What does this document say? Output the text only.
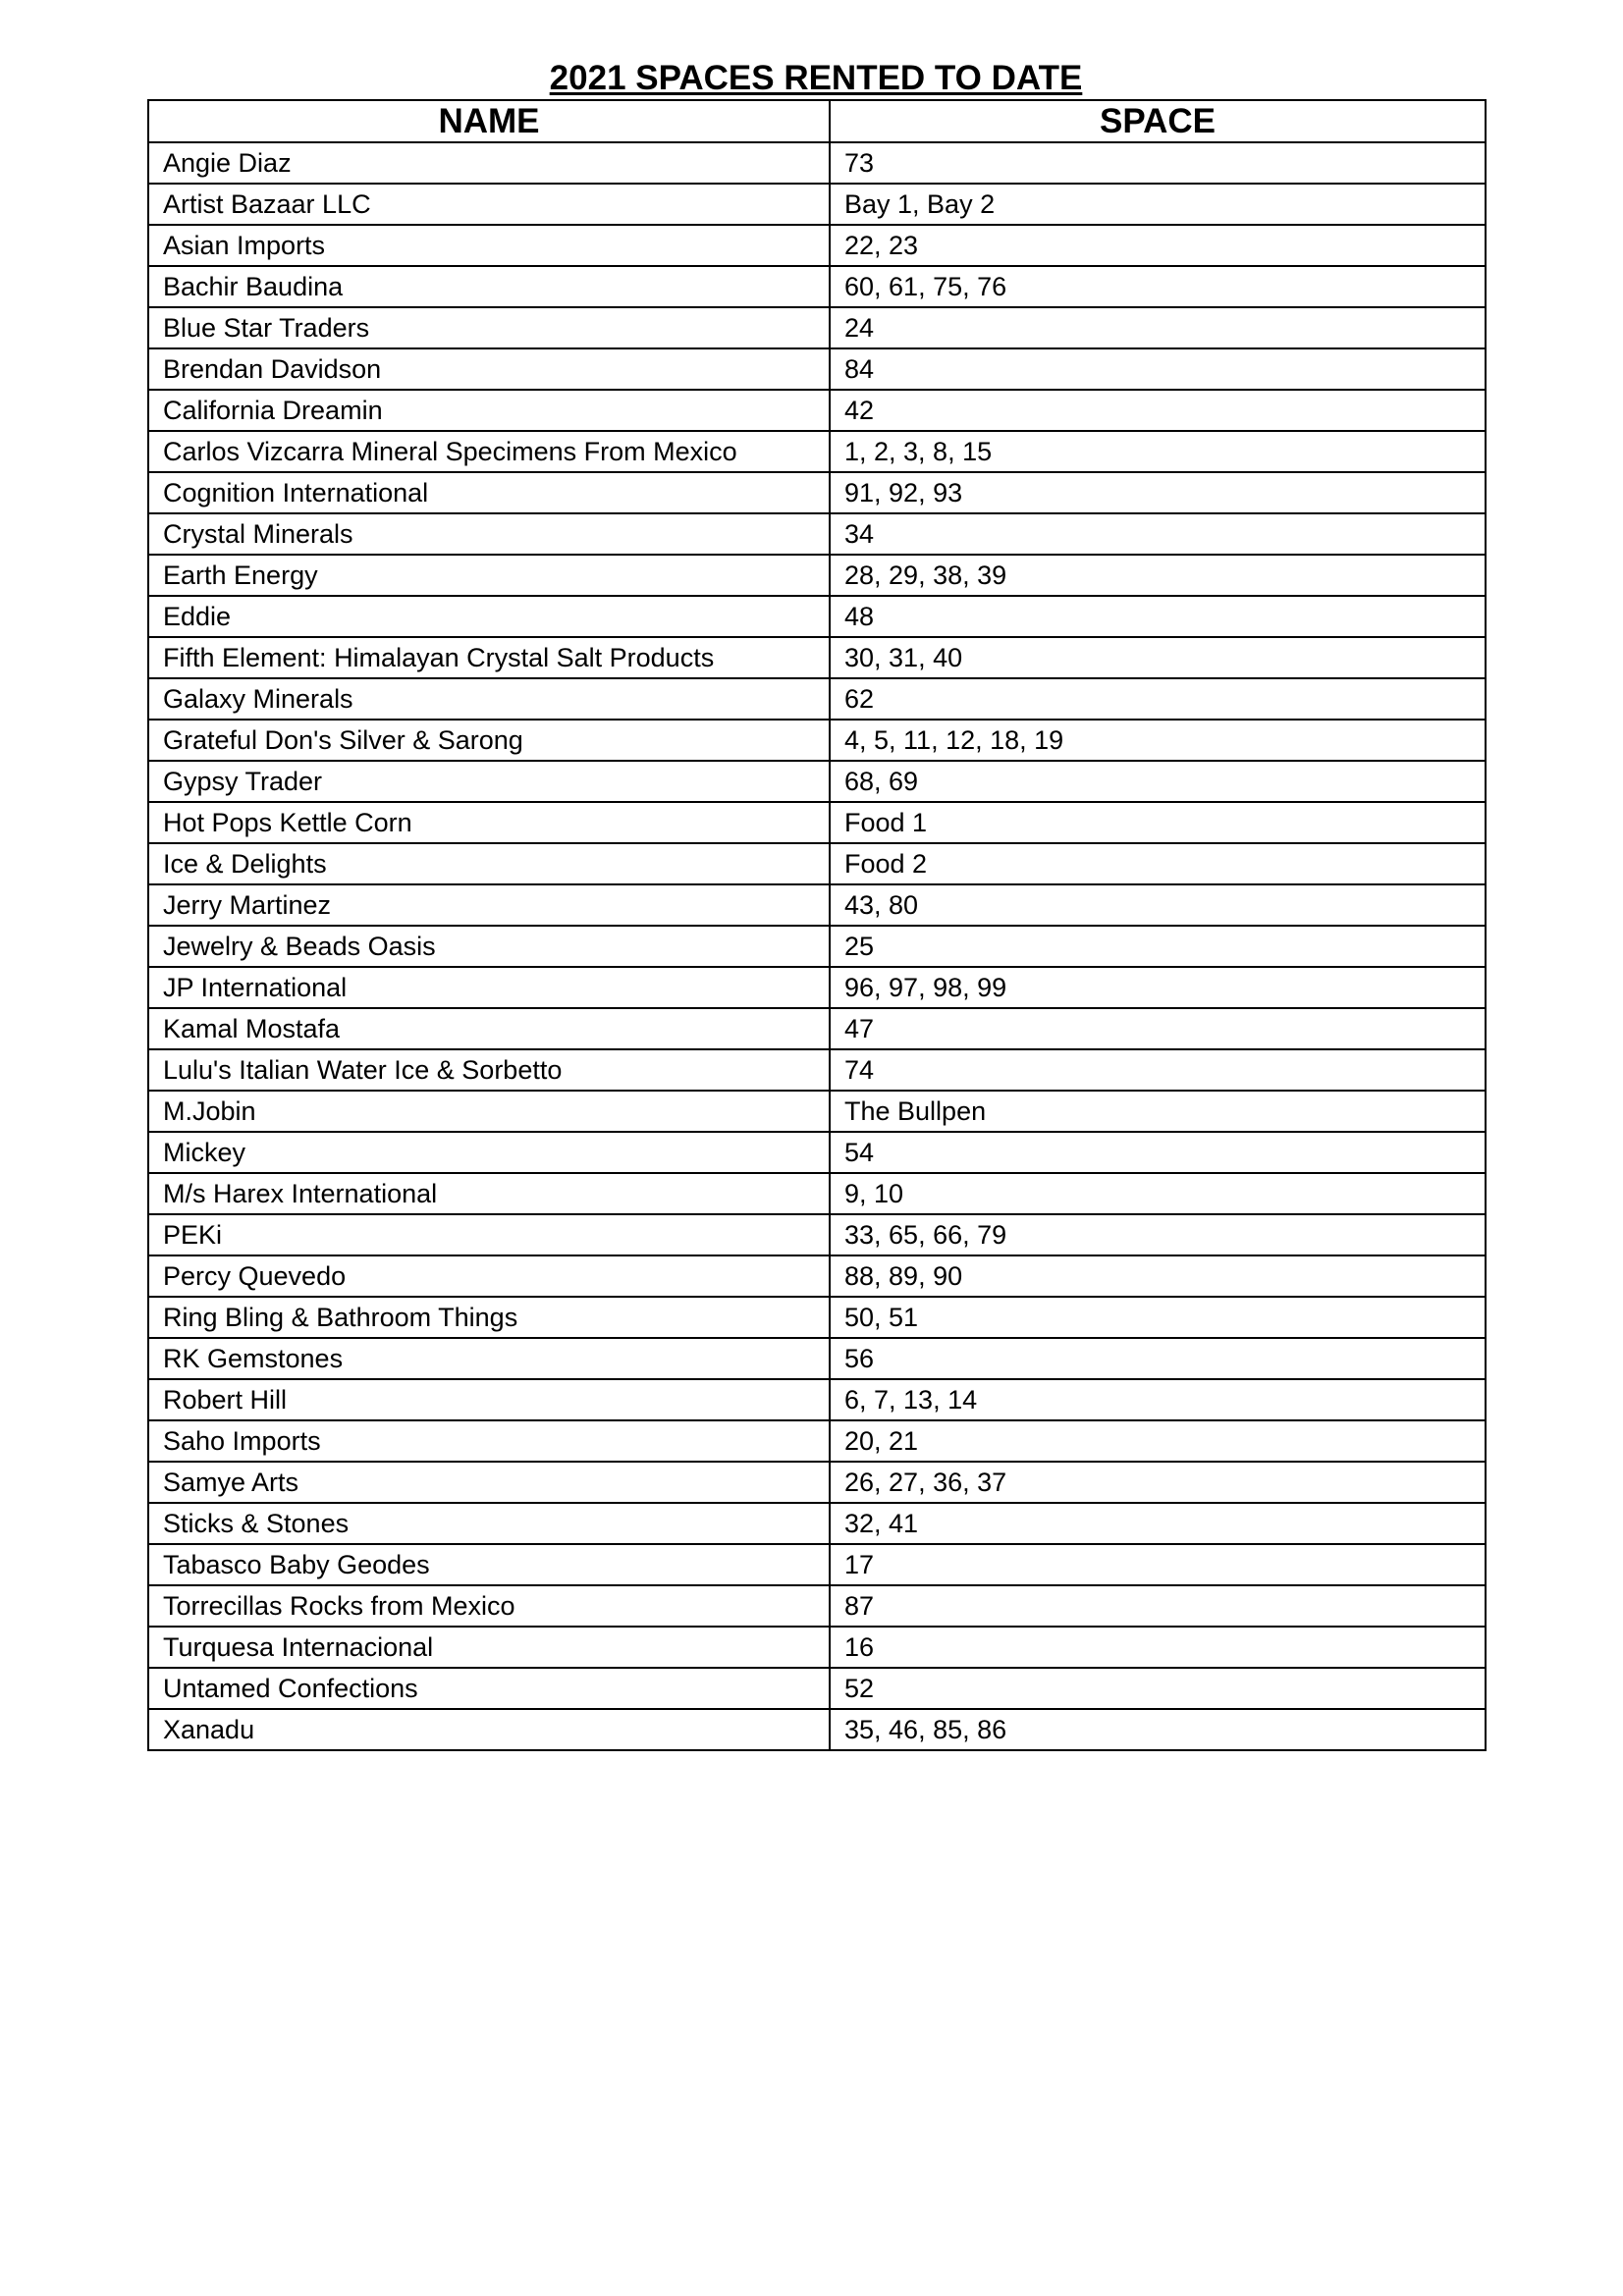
2021 SPACES RENTED TO DATE
NAME	SPACE
Angie Diaz	73
Artist Bazaar LLC	Bay 1, Bay 2
Asian Imports	22, 23
Bachir Baudina	60, 61, 75, 76
Blue Star Traders	24
Brendan Davidson	84
California Dreamin	42
Carlos Vizcarra Mineral Specimens From Mexico	1, 2, 3, 8, 15
Cognition International	91, 92, 93
Crystal Minerals	34
Earth Energy	28, 29, 38, 39
Eddie	48
Fifth Element: Himalayan Crystal Salt Products	30, 31, 40
Galaxy Minerals	62
Grateful Don's Silver & Sarong	4, 5, 11, 12, 18, 19
Gypsy Trader	68, 69
Hot Pops Kettle Corn	Food 1
Ice & Delights	Food 2
Jerry Martinez	43, 80
Jewelry & Beads Oasis	25
JP International	96, 97, 98, 99
Kamal Mostafa	47
Lulu's Italian Water Ice & Sorbetto	74
M.Jobin	The Bullpen
Mickey	54
M/s Harex International	9, 10
PEKi	33, 65, 66, 79
Percy Quevedo	88, 89, 90
Ring Bling & Bathroom Things	50, 51
RK Gemstones	56
Robert Hill	6, 7, 13, 14
Saho Imports	20, 21
Samye Arts	26, 27, 36, 37
Sticks & Stones	32, 41
Tabasco Baby Geodes	17
Torrecillas Rocks from Mexico	87
Turquesa Internacional	16
Untamed Confections	52
Xanadu	35, 46, 85, 86
